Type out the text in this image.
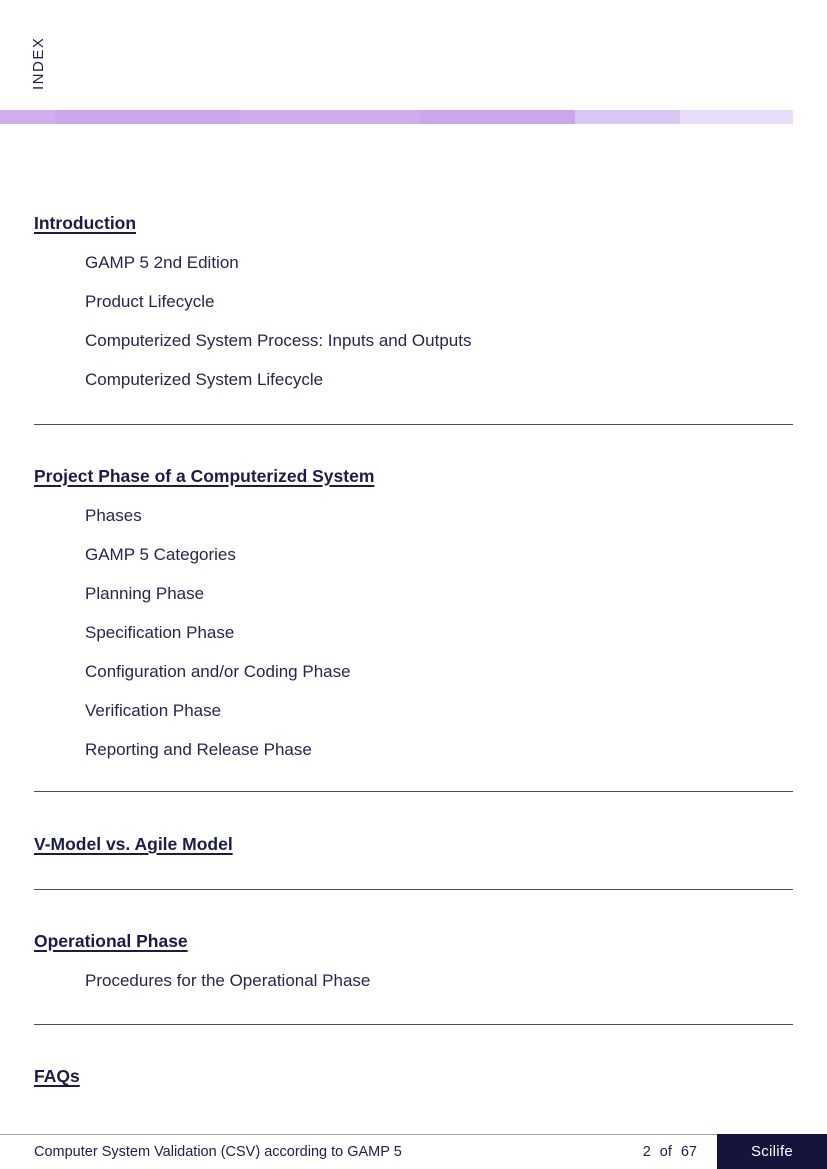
INDEX
Introduction
GAMP 5 2nd Edition
Product Lifecycle
Computerized System Process: Inputs and Outputs
Computerized System Lifecycle
Project Phase of a Computerized System
Phases
GAMP 5 Categories
Planning Phase
Specification Phase
Configuration and/or Coding Phase
Verification Phase
Reporting and Release Phase
V-Model vs. Agile Model
Operational Phase
Procedures for the Operational Phase
FAQs
Computer System Validation (CSV) according to GAMP 5	2 of 67	Scilife
